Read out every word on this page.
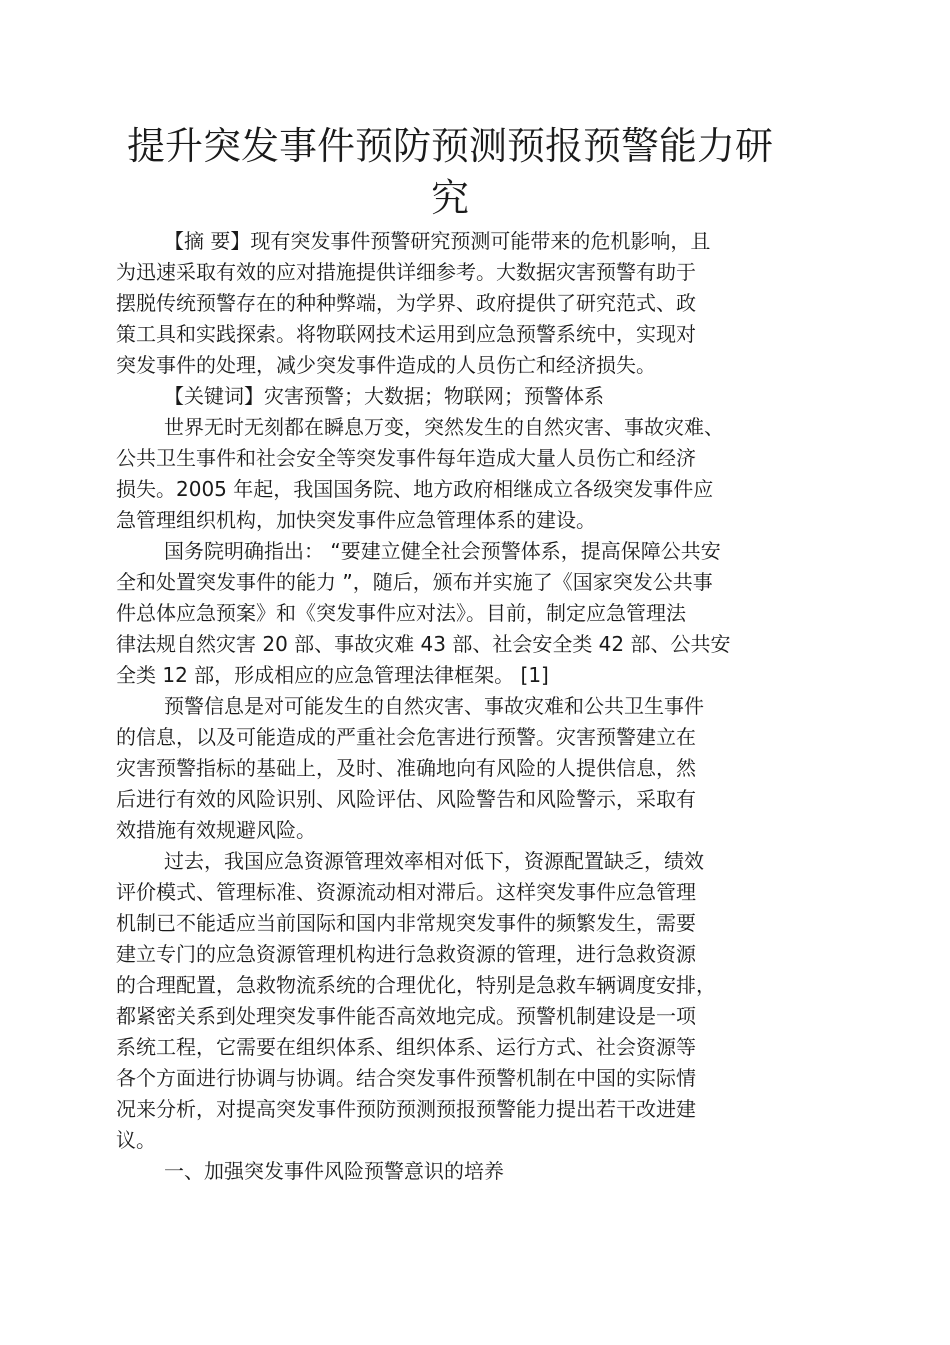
提升突发事件预防预测预报预警能力研
究

【摘 要】现有突发事件预警研究预测可能带来的危机影响，且
为迅速采取有效的应对措施提供详细参考。大数据灾害预警有助于
摆脱传统预警存在的种种弊端，为学界、政府提供了研究范式、政
策工具和实践探索。将物联网技术运用到应急预警系统中，实现对
突发事件的处理，减少突发事件造成的人员伤亡和经济损失。

【关键词】灾害预警；大数据；物联网；预警体系

世界无时无刻都在瞬息万变，突然发生的自然灾害、事故灾难、
公共卫生事件和社会安全等突发事件每年造成大量人员伤亡和经济
损失。2005 年起，我国国务院、地方政府相继成立各级突发事件应
急管理组织机构，加快突发事件应急管理体系的建设。

国务院明确指出： “要建立健全社会预警体系，提高保障公共安
全和处置突发事件的能力 ”，随后，颁布并实施了《国家突发公共事
件总体应急预案》和《突发事件应对法》。目前，制定应急管理法
律法规自然灾害 20 部、事故灾难 43 部、社会安全类 42 部、公共安
全类 12 部，形成相应的应急管理法律框架。 [1]

预警信息是对可能发生的自然灾害、事故灾难和公共卫生事件
的信息，以及可能造成的严重社会危害进行预警。灾害预警建立在
灾害预警指标的基础上，及时、准确地向有风险的人提供信息，然
后进行有效的风险识别、风险评估、风险警告和风险警示，采取有
效措施有效规避风险。

过去，我国应急资源管理效率相对低下，资源配置缺乏，绩效
评价模式、管理标准、资源流动相对滞后。这样突发事件应急管理
机制已不能适应当前国际和国内非常规突发事件的频繁发生，需要
建立专门的应急资源管理机构进行急救资源的管理，进行急救资源
的合理配置，急救物流系统的合理优化，特别是急救车辆调度安排，
都紧密关系到处理突发事件能否高效地完成。预警机制建设是一项
系统工程，它需要在组织体系、组织体系、运行方式、社会资源等
各个方面进行协调与协调。结合突发事件预警机制在中国的实际情
况来分析，对提高突发事件预防预测预报预警能力提出若干改进建
议。

一、加强突发事件风险预警意识的培养
